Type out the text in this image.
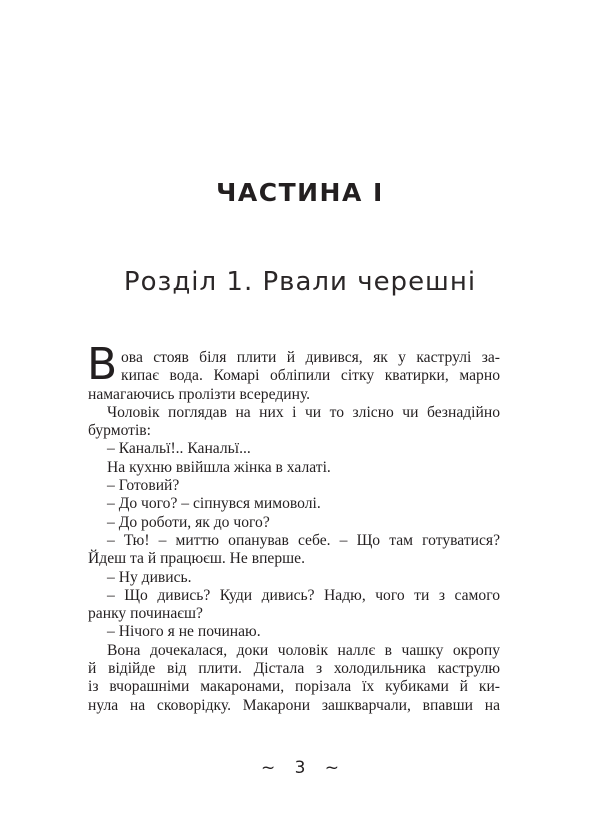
ЧАСТИНА I
Розділ 1. Рвали черешні
В ова стояв біля плити й дивився, як у каструлі за-
кипає вода. Комарі обліпили сітку кватирки, марно
намагаючись пролізти всередину.
Чоловік поглядав на них і чи то злісно чи безнадійно
бурмотів:
– Канальї!.. Канальї...
На кухню ввійшла жінка в халаті.
– Готовий?
– До чого? – сіпнувся мимоволі.
– До роботи, як до чого?
– Тю! – миттю опанував себе. – Що там готуватися?
Йдеш та й працюєш. Не вперше.
– Ну дивись.
– Що дивись? Куди дивись? Надю, чого ти з самого
ранку починаєш?
– Нічого я не починаю.
Вона дочекалася, доки чоловік наллє в чашку окропу
й відійде від плити. Дістала з холодильника каструлю
із вчорашніми макаронами, порізала їх кубиками й ки-
нула на сковорідку. Макарони зашкварчали, впавши на
~ 3 ~
